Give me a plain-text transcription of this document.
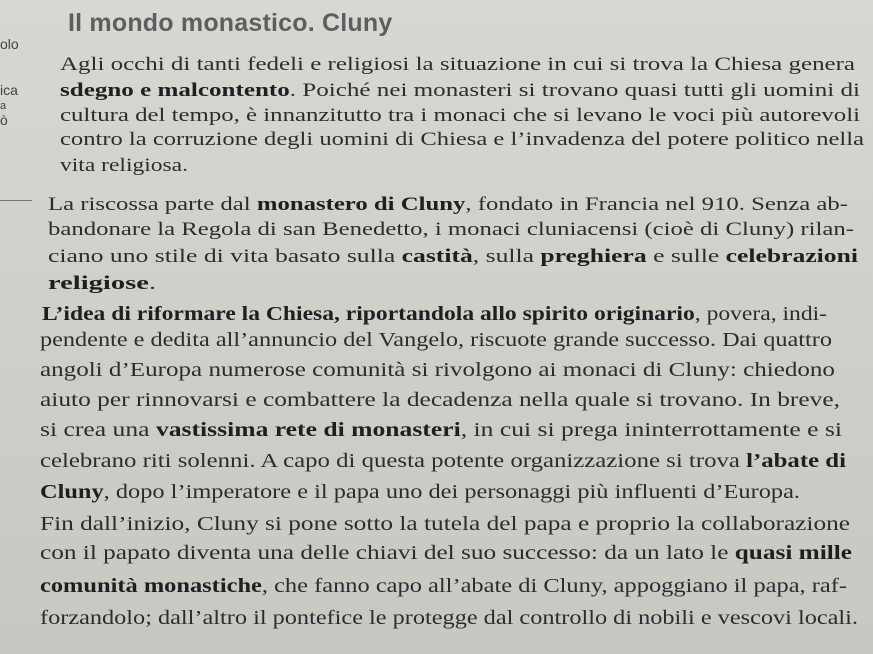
Il mondo monastico. Cluny
olo
ica
a
ò
Agli occhi di tanti fedeli e religiosi la situazione in cui si trova la Chiesa genera
sdegno e malcontento. Poiché nei monasteri si trovano quasi tutti gli uomini di
cultura del tempo, è innanzitutto tra i monaci che si levano le voci più autorevoli
contro la corruzione degli uomini di Chiesa e l’invadenza del potere politico nella
vita religiosa.
La riscossa parte dal monastero di Cluny, fondato in Francia nel 910. Senza ab-
bandonare la Regola di san Benedetto, i monaci cluniacensi (cioè di Cluny) rilan-
ciano uno stile di vita basato sulla castità, sulla preghiera e sulle celebrazioni
religiose.
L’idea di riformare la Chiesa, riportandola allo spirito originario, povera, indi-
pendente e dedita all’annuncio del Vangelo, riscuote grande successo. Dai quattro
angoli d’Europa numerose comunità si rivolgono ai monaci di Cluny: chiedono
aiuto per rinnovarsi e combattere la decadenza nella quale si trovano. In breve,
si crea una vastissima rete di monasteri, in cui si prega ininterrottamente e si
celebrano riti solenni. A capo di questa potente organizzazione si trova l’abate di
Cluny, dopo l’imperatore e il papa uno dei personaggi più influenti d’Europa.
Fin dall’inizio, Cluny si pone sotto la tutela del papa e proprio la collaborazione
con il papato diventa una delle chiavi del suo successo: da un lato le quasi mille
comunità monastiche, che fanno capo all’abate di Cluny, appoggiano il papa, raf-
forzandolo; dall’altro il pontefice le protegge dal controllo di nobili e vescovi locali.
